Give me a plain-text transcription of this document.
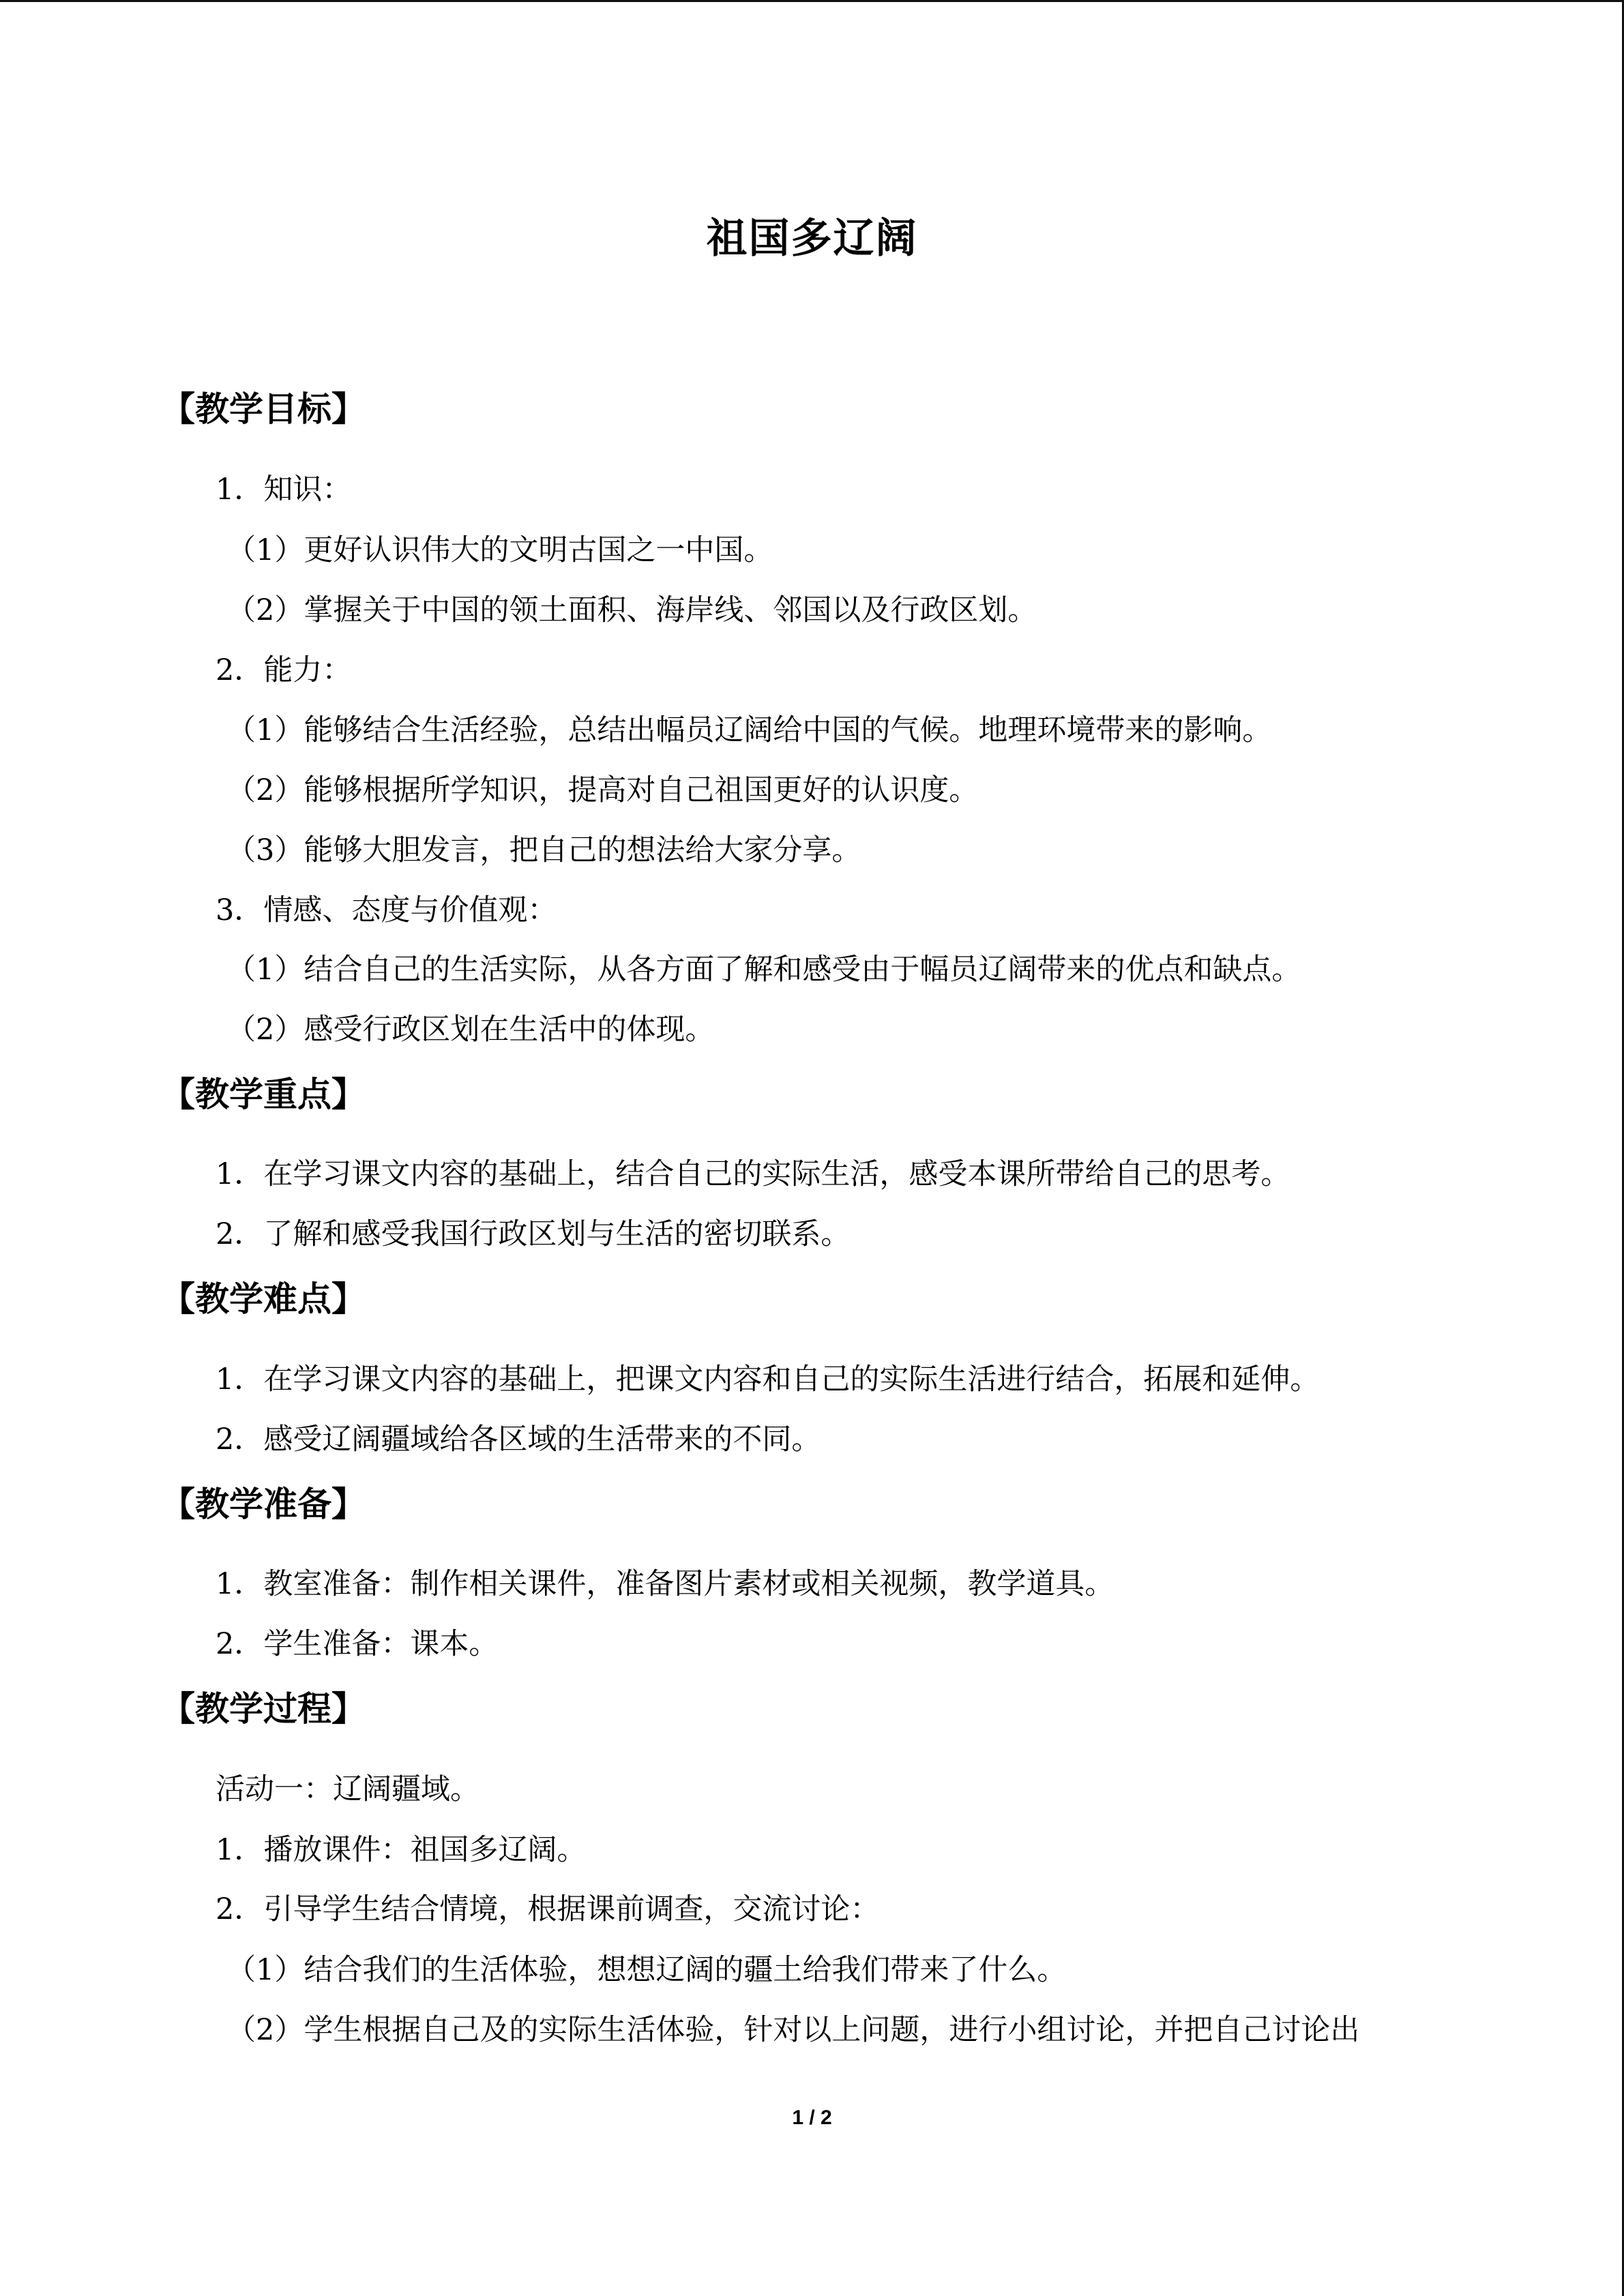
祖国多辽阔
【教学目标】
1．知识：
（1）更好认识伟大的文明古国之一中国。
（2）掌握关于中国的领土面积、海岸线、邻国以及行政区划。
2．能力：
（1）能够结合生活经验，总结出幅员辽阔给中国的气候。地理环境带来的影响。
（2）能够根据所学知识，提高对自己祖国更好的认识度。
（3）能够大胆发言，把自己的想法给大家分享。
3．情感、态度与价值观：
（1）结合自己的生活实际，从各方面了解和感受由于幅员辽阔带来的优点和缺点。
（2）感受行政区划在生活中的体现。
【教学重点】
1．在学习课文内容的基础上，结合自己的实际生活，感受本课所带给自己的思考。
2．了解和感受我国行政区划与生活的密切联系。
【教学难点】
1．在学习课文内容的基础上，把课文内容和自己的实际生活进行结合，拓展和延伸。
2．感受辽阔疆域给各区域的生活带来的不同。
【教学准备】
1．教室准备：制作相关课件，准备图片素材或相关视频，教学道具。
2．学生准备：课本。
【教学过程】
活动一：辽阔疆域。
1．播放课件：祖国多辽阔。
2．引导学生结合情境，根据课前调查，交流讨论：
（1）结合我们的生活体验，想想辽阔的疆土给我们带来了什么。
（2）学生根据自己及的实际生活体验，针对以上问题，进行小组讨论，并把自己讨论出
1 / 2
